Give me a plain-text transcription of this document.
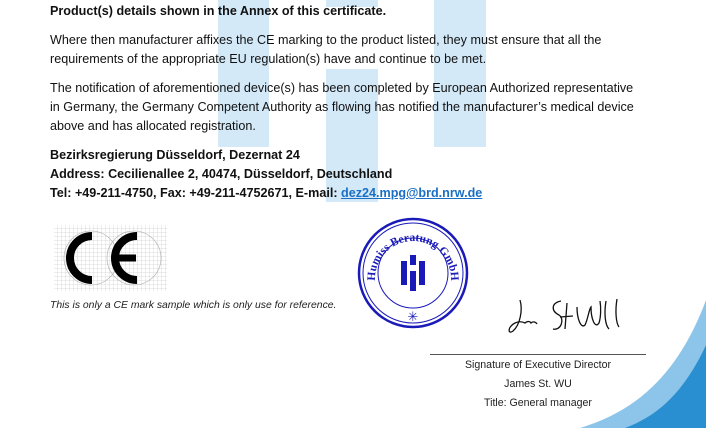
Product(s) details shown in the Annex of this certificate.
Where then manufacturer affixes the CE marking to the product listed, they must ensure that all the
requirements of the appropriate EU regulation(s) have and continue to be met.
The notification of aforementioned device(s) has been completed by European Authorized representative
in Germany, the Germany Competent Authority as flowing has notified the manufacturer’s medical device
above and has allocated registration.
Bezirksregierung Düsseldorf, Dezernat 24
Address: Cecilienallee 2, 40474, Düsseldorf, Deutschland
Tel: +49-211-4750, Fax: +49-211-4752671, E-mail: dez24.mpg@brd.nrw.de
This is only a CE mark sample which is only use for reference.
Humiss Beratung GmbH
✳
Signature of Executive Director
James St. WU
Title: General manager
